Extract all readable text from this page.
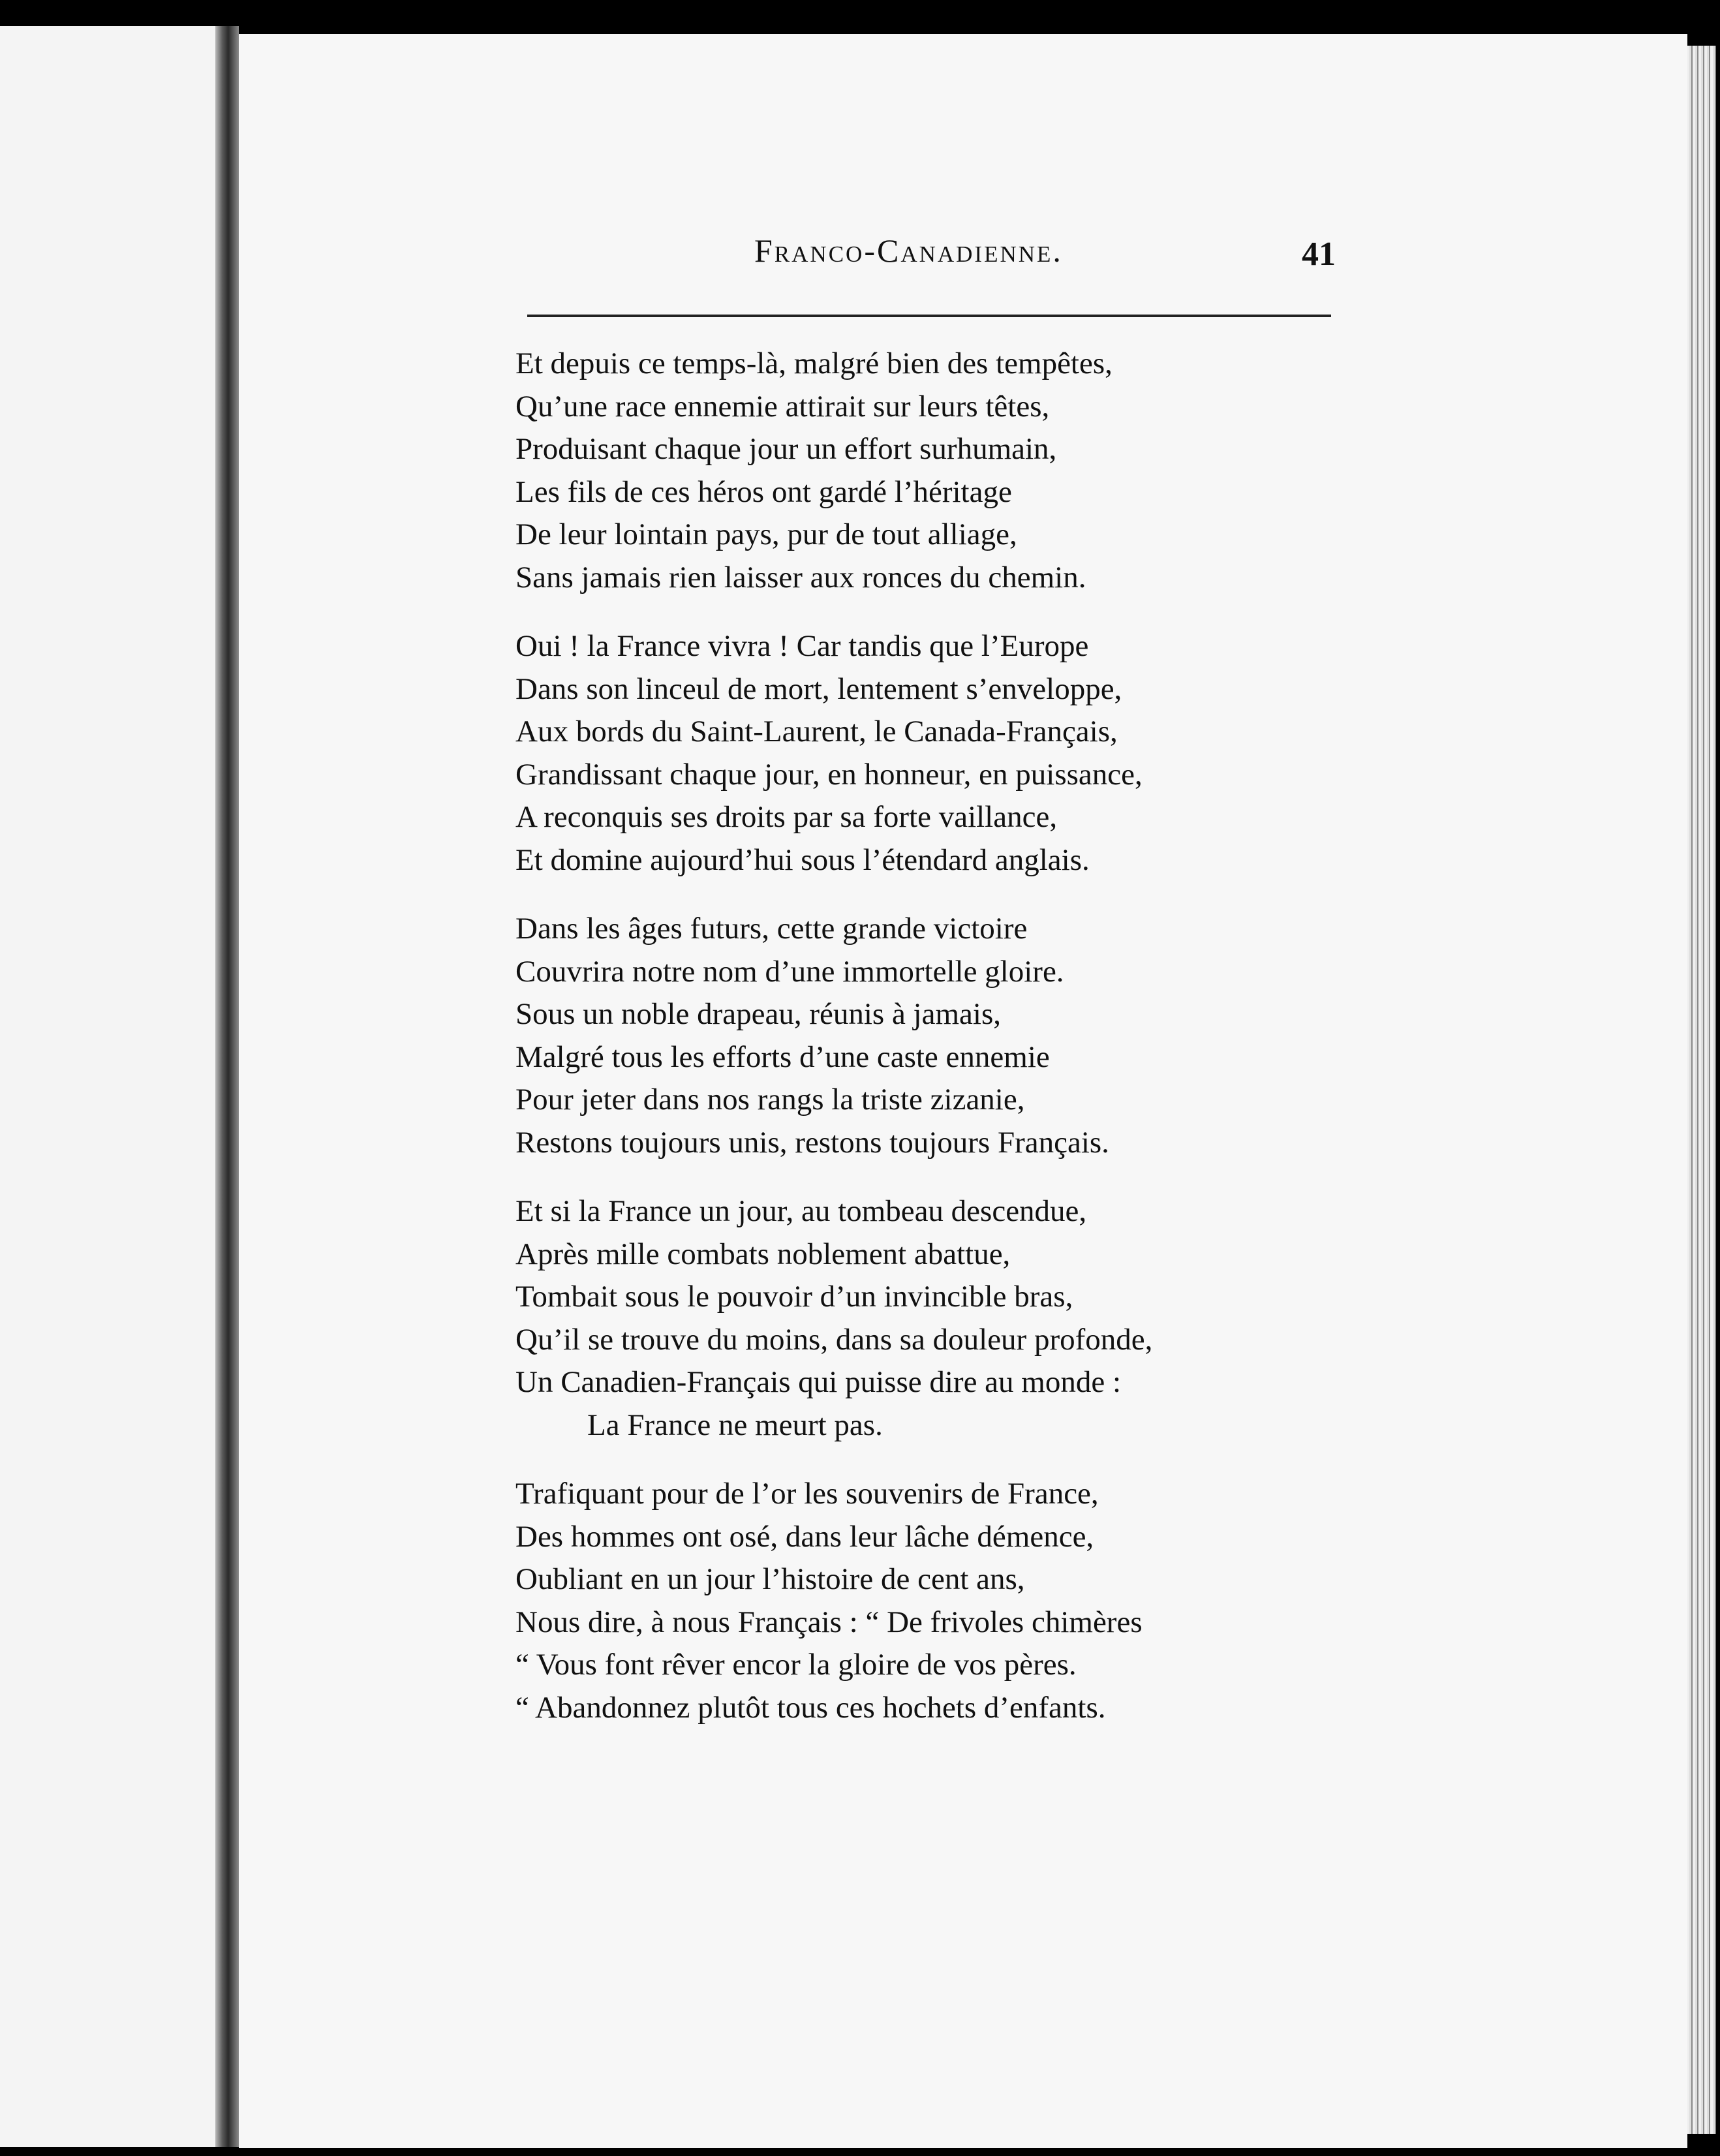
Franco-Canadienne.	41
Et depuis ce temps-là, malgré bien des tempêtes,
Qu’une race ennemie attirait sur leurs têtes,
Produisant chaque jour un effort surhumain,
Les fils de ces héros ont gardé l’héritage
De leur lointain pays, pur de tout alliage,
Sans jamais rien laisser aux ronces du chemin.
Oui ! la France vivra ! Car tandis que l’Europe
Dans son linceul de mort, lentement s’enveloppe,
Aux bords du Saint-Laurent, le Canada-Français,
Grandissant chaque jour, en honneur, en puissance,
A reconquis ses droits par sa forte vaillance,
Et domine aujourd’hui sous l’étendard anglais.
Dans les âges futurs, cette grande victoire
Couvrira notre nom d’une immortelle gloire.
Sous un noble drapeau, réunis à jamais,
Malgré tous les efforts d’une caste ennemie
Pour jeter dans nos rangs la triste zizanie,
Restons toujours unis, restons toujours Français.
Et si la France un jour, au tombeau descendue,
Après mille combats noblement abattue,
Tombait sous le pouvoir d’un invincible bras,
Qu’il se trouve du moins, dans sa douleur profonde,
Un Canadien-Français qui puisse dire au monde :
La France ne meurt pas.
Trafiquant pour de l’or les souvenirs de France,
Des hommes ont osé, dans leur lâche démence,
Oubliant en un jour l’histoire de cent ans,
Nous dire, à nous Français : “ De frivoles chimères
“ Vous font rêver encor la gloire de vos pères.
“ Abandonnez plutôt tous ces hochets d’enfants.
